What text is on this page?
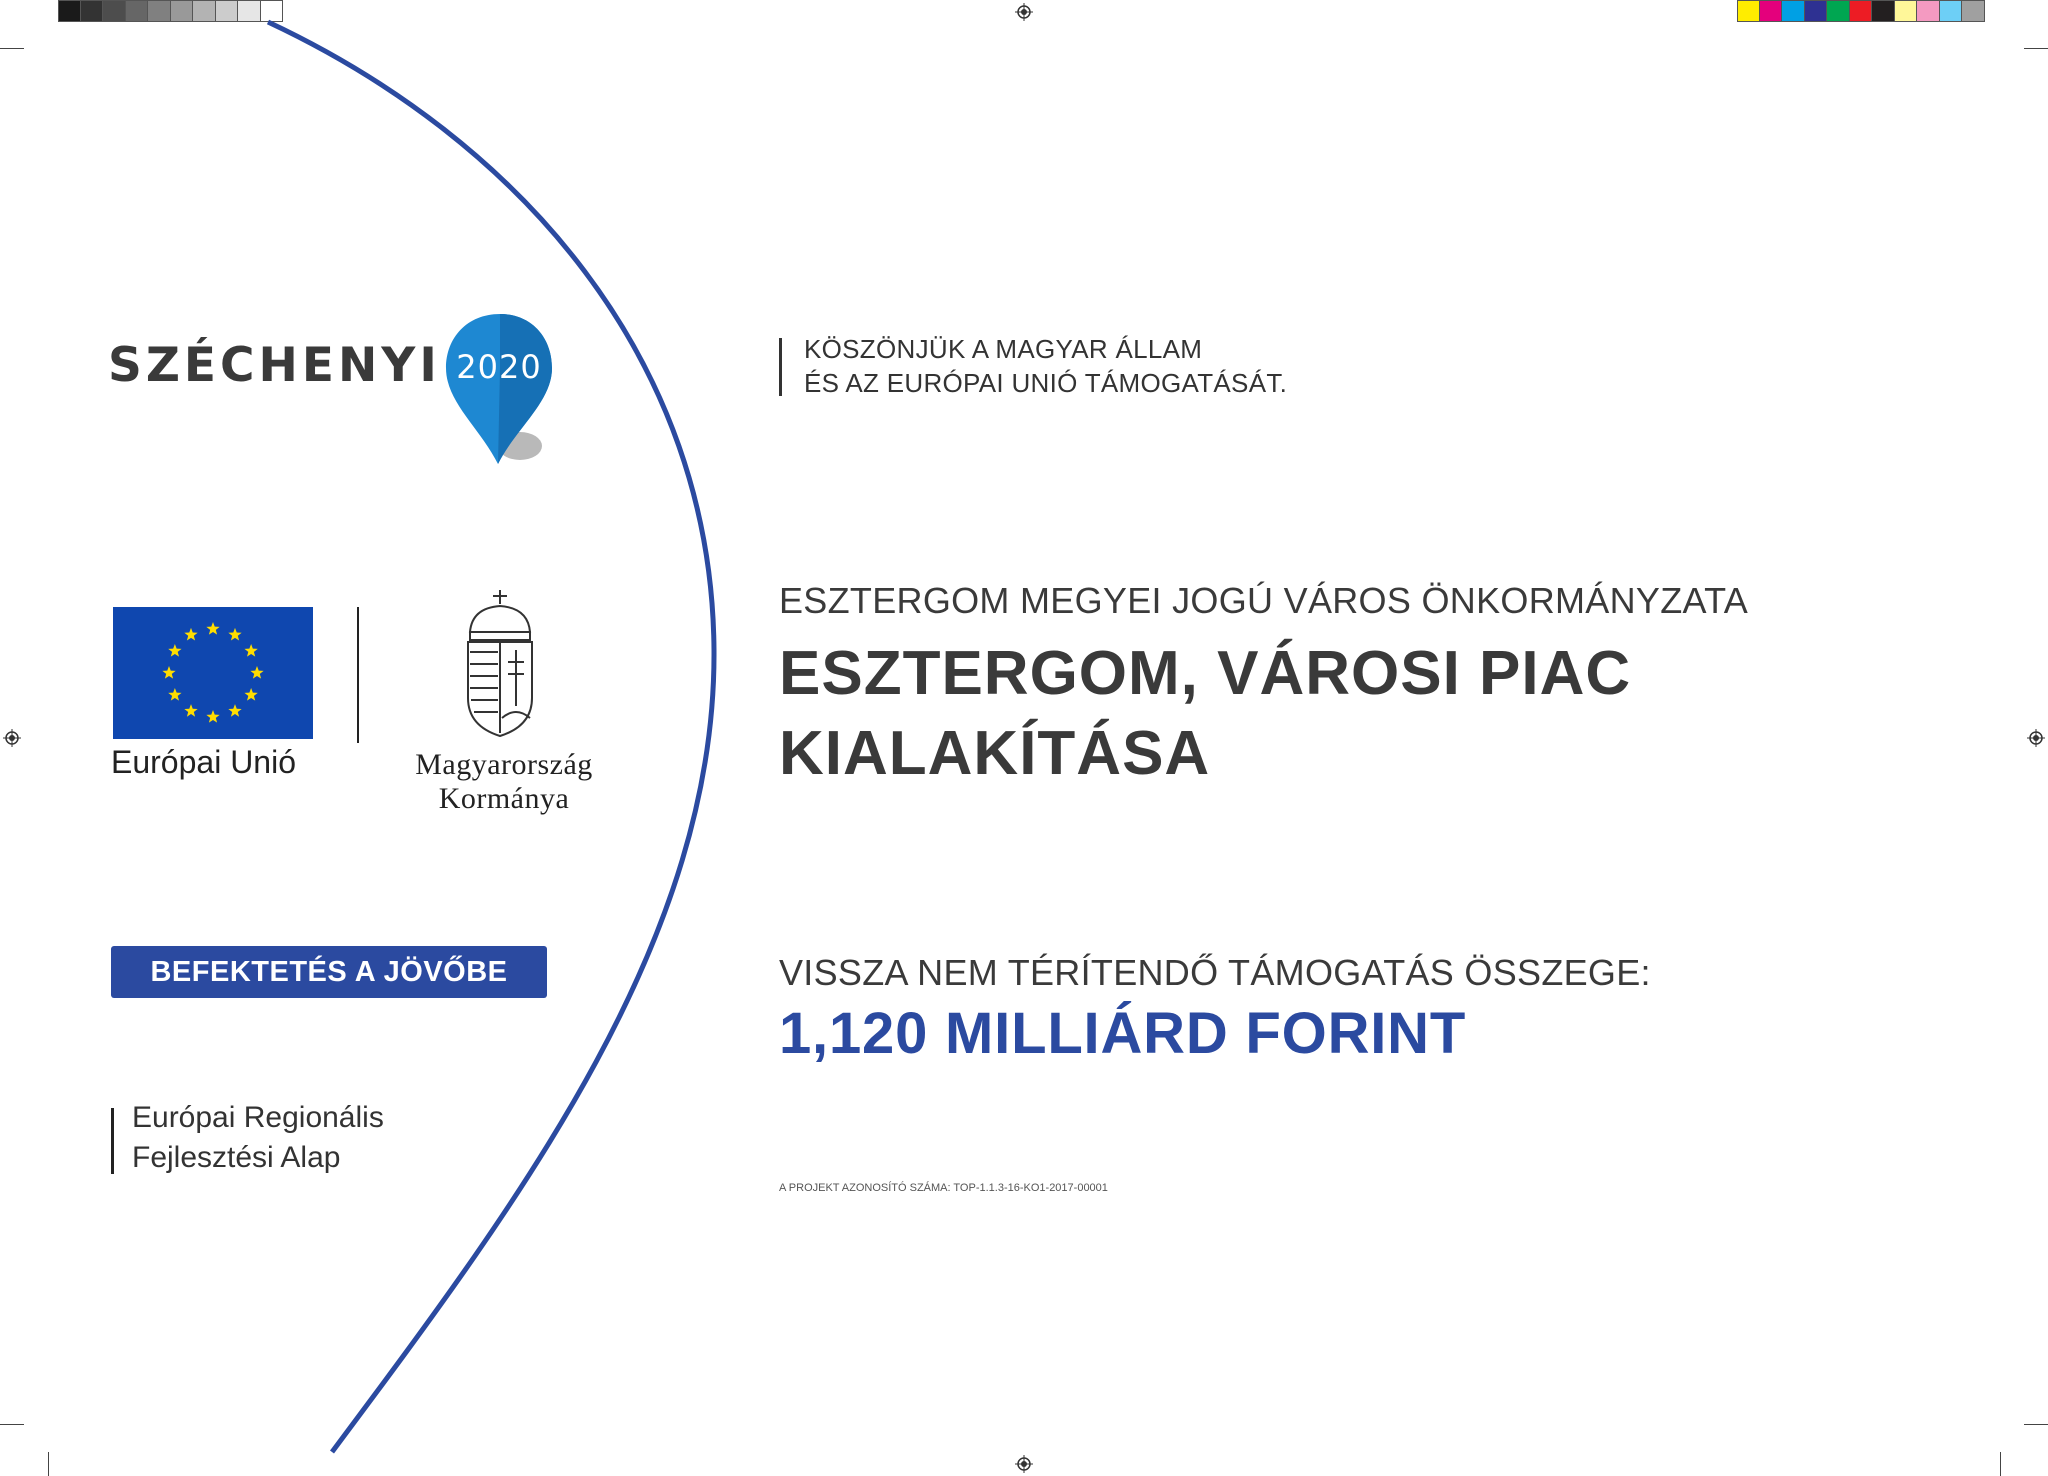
SZÉCHENYI 2020
Európai Unió	Magyarország
Kormánya
BEFEKTETÉS A JÖVŐBE
Európai Regionális
Fejlesztési Alap
KÖSZÖNJÜK A MAGYAR ÁLLAM
ÉS AZ EURÓPAI UNIÓ TÁMOGATÁSÁT.
ESZTERGOM MEGYEI JOGÚ VÁROS ÖNKORMÁNYZATA
ESZTERGOM, VÁROSI PIAC
KIALAKÍTÁSA
VISSZA NEM TÉRÍTENDŐ TÁMOGATÁS ÖSSZEGE:
1,120 MILLIÁRD FORINT
A PROJEKT AZONOSÍTÓ SZÁMA: TOP-1.1.3-16-KO1-2017-00001
